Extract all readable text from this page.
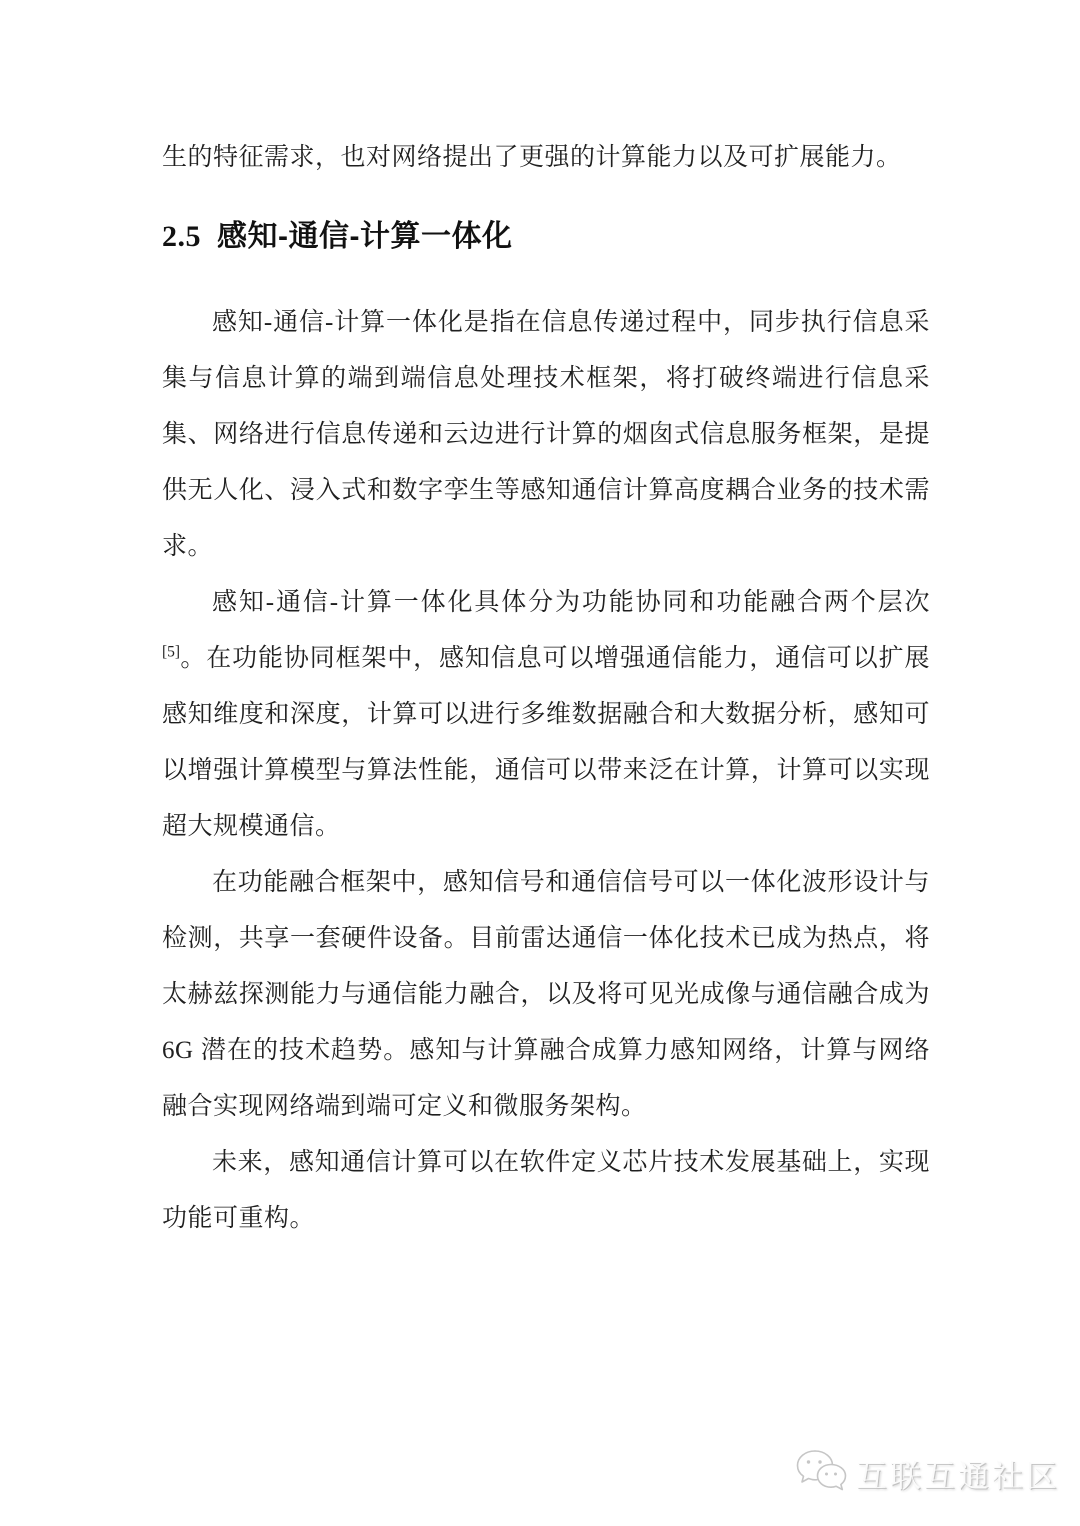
生的特征需求，也对网络提出了更强的计算能力以及可扩展能力。

2.5 感知-通信-计算一体化

感知-通信-计算一体化是指在信息传递过程中，同步执行信息采集与信息计算的端到端信息处理技术框架，将打破终端进行信息采集、网络进行信息传递和云边进行计算的烟囱式信息服务框架，是提供无人化、浸入式和数字孪生等感知通信计算高度耦合业务的技术需求。

感知-通信-计算一体化具体分为功能协同和功能融合两个层次[5]。在功能协同框架中，感知信息可以增强通信能力，通信可以扩展感知维度和深度，计算可以进行多维数据融合和大数据分析，感知可以增强计算模型与算法性能，通信可以带来泛在计算，计算可以实现超大规模通信。

在功能融合框架中，感知信号和通信信号可以一体化波形设计与检测，共享一套硬件设备。目前雷达通信一体化技术已成为热点，将太赫兹探测能力与通信能力融合，以及将可见光成像与通信融合成为6G 潜在的技术趋势。感知与计算融合成算力感知网络，计算与网络融合实现网络端到端可定义和微服务架构。

未来，感知通信计算可以在软件定义芯片技术发展基础上，实现功能可重构。

互联互通社区
